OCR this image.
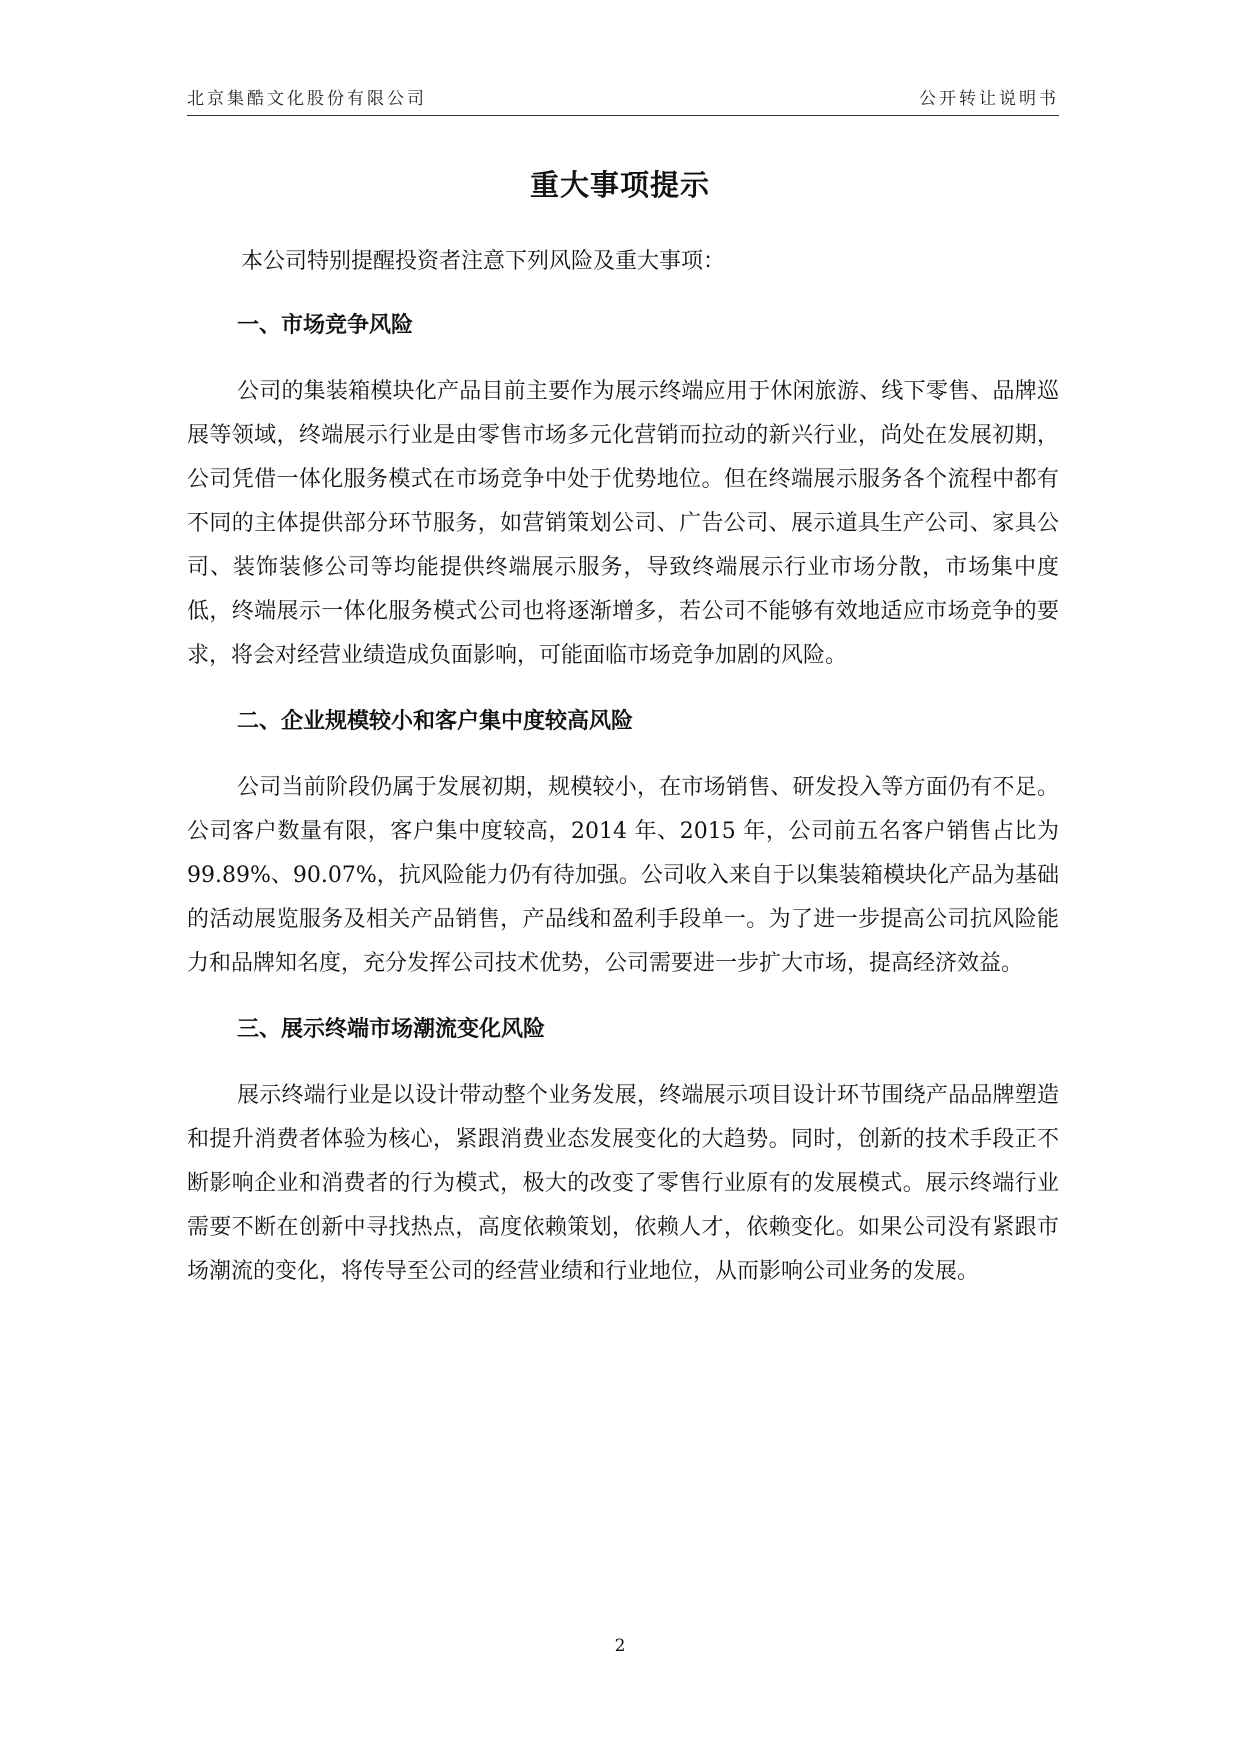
北京集酷文化股份有限公司	公开转让说明书
重大事项提示

本公司特别提醒投资者注意下列风险及重大事项：

一、市场竞争风险

公司的集装箱模块化产品目前主要作为展示终端应用于休闲旅游、线下零售、品牌巡展等领域，终端展示行业是由零售市场多元化营销而拉动的新兴行业，尚处在发展初期，公司凭借一体化服务模式在市场竞争中处于优势地位。但在终端展示服务各个流程中都有不同的主体提供部分环节服务，如营销策划公司、广告公司、展示道具生产公司、家具公司、装饰装修公司等均能提供终端展示服务，导致终端展示行业市场分散，市场集中度低，终端展示一体化服务模式公司也将逐渐增多，若公司不能够有效地适应市场竞争的要求，将会对经营业绩造成负面影响，可能面临市场竞争加剧的风险。

二、企业规模较小和客户集中度较高风险

公司当前阶段仍属于发展初期，规模较小，在市场销售、研发投入等方面仍有不足。公司客户数量有限，客户集中度较高，2014 年、2015 年，公司前五名客户销售占比为 99.89%、90.07%，抗风险能力仍有待加强。公司收入来自于以集装箱模块化产品为基础的活动展览服务及相关产品销售，产品线和盈利手段单一。为了进一步提高公司抗风险能力和品牌知名度，充分发挥公司技术优势，公司需要进一步扩大市场，提高经济效益。

三、展示终端市场潮流变化风险

展示终端行业是以设计带动整个业务发展，终端展示项目设计环节围绕产品品牌塑造和提升消费者体验为核心，紧跟消费业态发展变化的大趋势。同时，创新的技术手段正不断影响企业和消费者的行为模式，极大的改变了零售行业原有的发展模式。展示终端行业需要不断在创新中寻找热点，高度依赖策划，依赖人才，依赖变化。如果公司没有紧跟市场潮流的变化，将传导至公司的经营业绩和行业地位，从而影响公司业务的发展。

2
